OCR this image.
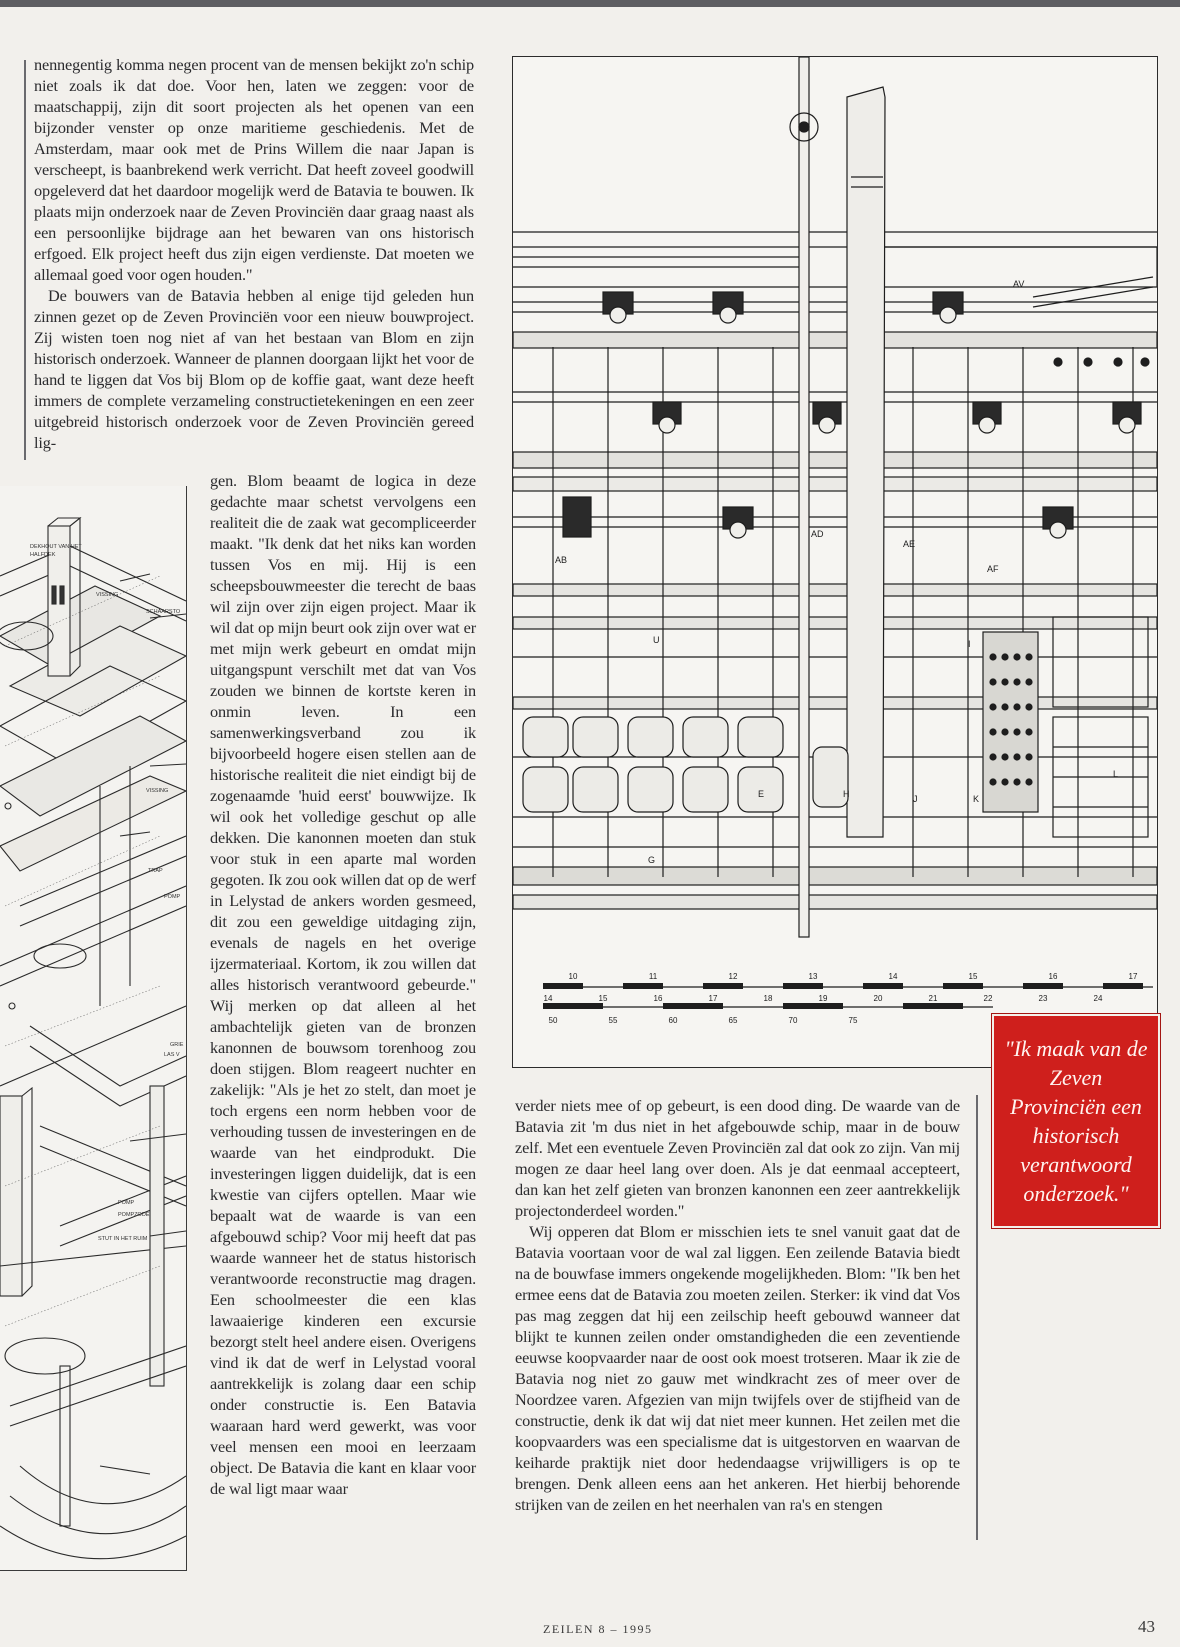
nennegentig komma negen procent van de mensen bekijkt zo'n schip niet zoals ik dat doe. Voor hen, laten we zeggen: voor de maatschappij, zijn dit soort projecten als het openen van een bijzonder venster op onze maritieme geschiedenis. Met de Amsterdam, maar ook met de Prins Willem die naar Japan is verscheept, is baanbrekend werk verricht. Dat heeft zoveel goodwill opgeleverd dat het daardoor mogelijk werd de Batavia te bouwen. Ik plaats mijn onderzoek naar de Zeven Provinciën daar graag naast als een persoonlijke bijdrage aan het bewaren van ons historisch erfgoed. Elk project heeft dus zijn eigen verdienste. Dat moeten we allemaal goed voor ogen houden."

De bouwers van de Batavia hebben al enige tijd geleden hun zinnen gezet op de Zeven Provinciën voor een nieuw bouwproject. Zij wisten toen nog niet af van het bestaan van Blom en zijn historisch onderzoek. Wanneer de plannen doorgaan lijkt het voor de hand te liggen dat Vos bij Blom op de koffie gaat, want deze heeft immers de complete verzameling constructietekeningen en een zeer uitgebreid historisch onderzoek voor de Zeven Provinciën gereed lig-

gen. Blom beaamt de logica in deze gedachte maar schetst vervolgens een realiteit die de zaak wat gecompliceerder maakt. "Ik denk dat het niks kan worden tussen Vos en mij. Hij is een scheepsbouwmeester die terecht de baas wil zijn over zijn eigen project. Maar ik wil dat op mijn beurt ook zijn over wat er met mijn werk gebeurt en omdat mijn uitgangspunt verschilt met dat van Vos zouden we binnen de kortste keren in onmin leven. In een samenwerkingsverband zou ik bijvoorbeeld hogere eisen stellen aan de historische realiteit die niet eindigt bij de zogenaamde 'huid eerst' bouwwijze. Ik wil ook het volledige geschut op alle dekken. Die kanonnen moeten dan stuk voor stuk in een aparte mal worden gegoten. Ik zou ook willen dat op de werf in Lelystad de ankers worden gesmeed, dit zou een geweldige uitdaging zijn, evenals de nagels en het overige ijzermateriaal. Kortom, ik zou willen dat alles historisch verantwoord gebeurde." Wij merken op dat alleen al het ambachtelijk gieten van de bronzen kanonnen de bouwsom torenhoog zou doen stijgen. Blom reageert nuchter en zakelijk: "Als je het zo stelt, dan moet je toch ergens een norm hebben voor de verhouding tussen de investeringen en de waarde van het eindprodukt. Die investeringen liggen duidelijk, dat is een kwestie van cijfers optellen. Maar wie bepaalt wat de waarde is van een afgebouwd schip? Voor mij heeft dat pas waarde wanneer het de status historisch verantwoorde reconstructie mag dragen. Een schoolmeester die een klas lawaaierige kinderen een excursie bezorgt stelt heel andere eisen. Overigens vind ik dat de werf in Lelystad vooral aantrekkelijk is zolang daar een schip onder constructie is. Een Batavia waaraan hard werd gewerkt, was voor veel mensen een mooi en leerzaam object. De Batavia die kant en klaar voor de wal ligt maar waar

DEKHOUT VAN HET
HALFDEK
VISSING
SCHAARSTO
VISSING
TRAP
POMP
GRIE
LAS V
POMP
POMPZODE
STUT IN HET RUIM
AV
AB
AD
AE
AF
I
E	H	J	K
L
U
G
10	11	12	13	14	15	16	17
14	15	16	17	18	19	20	21	22	23	24
50	55	60	65	70	75

verder niets mee of op gebeurt, is een dood ding. De waarde van de Batavia zit 'm dus niet in het afgebouwde schip, maar in de bouw zelf. Met een eventuele Zeven Provinciën zal dat ook zo zijn. Van mij mogen ze daar heel lang over doen. Als je dat eenmaal accepteert, dan kan het zelf gieten van bronzen kanonnen een zeer aantrekkelijk projectonderdeel worden."

Wij opperen dat Blom er misschien iets te snel vanuit gaat dat de Batavia voortaan voor de wal zal liggen. Een zeilende Batavia biedt na de bouwfase immers ongekende mogelijkheden. Blom: "Ik ben het ermee eens dat de Batavia zou moeten zeilen. Sterker: ik vind dat Vos pas mag zeggen dat hij een zeilschip heeft gebouwd wanneer dat blijkt te kunnen zeilen onder omstandigheden die een zeventiende eeuwse koopvaarder naar de oost ook moest trotseren. Maar ik zie de Batavia nog niet zo gauw met windkracht zes of meer over de Noordzee varen. Afgezien van mijn twijfels over de stijfheid van de constructie, denk ik dat wij dat niet meer kunnen. Het zeilen met die koopvaarders was een specialisme dat is uitgestorven en waarvan de keiharde praktijk niet door hedendaagse vrijwilligers is op te brengen. Denk alleen eens aan het ankeren. Het hierbij behorende strijken van de zeilen en het neerhalen van ra's en stengen

"Ik maak van de Zeven Provinciën een historisch verantwoord onderzoek."
ZEILEN 8 – 1995	43
